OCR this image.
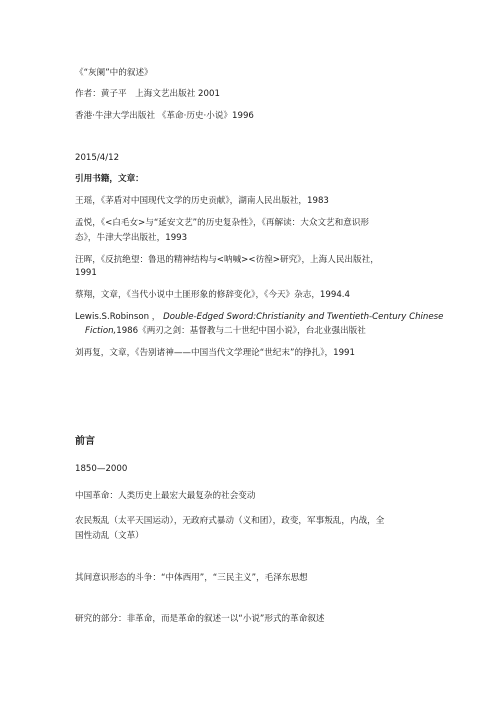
《“灰阑”中的叙述》
作者：黄子平　上海文艺出版社 2001
香港·牛津大学出版社 《革命·历史·小说》1996
2015/4/12
引用书籍，文章：
王瑶，《茅盾对中国现代文学的历史贡献》，湖南人民出版社，1983
孟悦，《<白毛女>与“延安文艺”的历史复杂性》，《再解读：大众文艺和意识形
态》，牛津大学出版社，1993
汪晖，《反抗绝望：鲁迅的精神结构与<呐喊><彷徨>研究》，上海人民出版社，
1991
蔡翔，文章，《当代小说中土匪形象的修辞变化》，《今天》杂志，1994.4
Lewis.S.Robinson ， Double-Edged Sword:Christianity and Twentieth-Century Chinese
Fiction,1986《两刃之剑：基督教与二十世纪中国小说》，台北业强出版社
刘再复，文章，《告别诸神——中国当代文学理论“世纪末”的挣扎》，1991
前言
1850—2000
中国革命：人类历史上最宏大最复杂的社会变动
农民叛乱（太平天国运动），无政府式暴动（义和团），政变，军事叛乱，内战，全
国性动乱（文革）
其间意识形态的斗争：“中体西用”，“三民主义”，毛泽东思想
研究的部分：非革命，而是革命的叙述一以“小说”形式的革命叙述
